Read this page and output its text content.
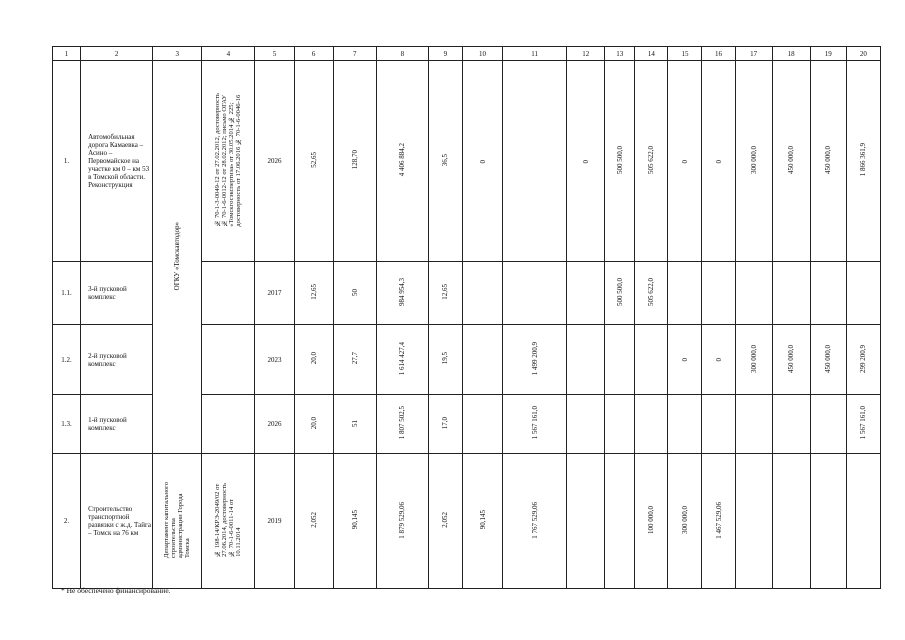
1	2	3	4	5	6	7	8	9	10	11	12	13	14	15	16	17	18	19	20
1.	Автомобильная дорога Камаевка – Асино – Первомайское на участке км 0 – км 53 в Томской области. Реконструкция	ОГКУ «Томскавтодор»	№ 70-1-3-0049-12 от 27.02.2012, достоверность
№ 70-1-6-0012-12 от 28.02.2012; письмо ОГАУ
«Томскгосэкспертиза» от 30.05.2014 № 225;
достоверность от 17.06.2016 № 70-1-6-0046-16	2026	52,65	128,70	4 406 884,2	36,5	0		0	500 500,0	505 622,0	0	0	300 000,0	450 000,0	450 000,0	1 866 361,9
1.1.	3-й пусковой комплекс			2017	12,65	50	984 954,3	12,65				500 500,0	505 622,0						
1.2.	2-й пусковой комплекс			2023	20,0	27,7	1 614 427,4	19,5		1 499 200,9				0	0	300 000,0	450 000,0	450 000,0	299 200,9
1.3.	1-й пусковой комплекс			2026	20,0	51	1 807 502,5	17,0		1 567 161,0									1 567 161,0
2.	Строительство транспортной развязки с ж.д. Тайга – Томск на 76 км	Департамент капитального
строительства
администрации Города
Томска	№ 198-14/КРЭ-2049/02 от
27.06.2014, достоверность
№ 70-1-6-0011-14 от
10.11.2014	2019	2,052	90,145	1 879 529,06	2,052	90,145	1 767 529,06			100 000,0	300 000,0	1 467 529,06				
* Не обеспечено финансирование.
